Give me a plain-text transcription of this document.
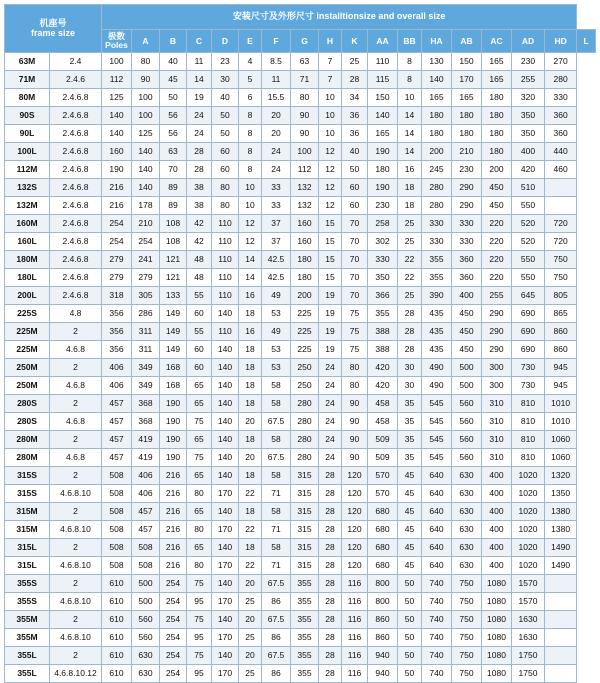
机座号
frame size		安装尺寸及外形尺寸 installtionsize and overall size																	

		极数
Poles	A	B	C	D	E	F	G	H	K	AA	BB	HA	AB	AC	AD	HD	L
63M	2.4	100	80	40	11	23	4	8.5	63	7	25	110	8	130	150	165	230	270	
71M	2.4.6	112	90	45	14	30	5	11	71	7	28	115	8	140	170	165	255	280	
80M	2.4.6.8	125	100	50	19	40	6	15.5	80	10	34	150	10	165	165	180	320	330	
90S	2.4.6.8	140	100	56	24	50	8	20	90	10	36	140	14	180	180	180	350	360	
90L	2.4.6.8	140	125	56	24	50	8	20	90	10	36	165	14	180	180	180	350	360	
100L	2.4.6.8	160	140	63	28	60	8	24	100	12	40	190	14	200	210	180	400	440	
112M	2.4.6.8	190	140	70	28	60	8	24	112	12	50	180	16	245	230	200	420	460	
132S	2.4.6.8	216	140	89	38	80	10	33	132	12	60	190	18	280	290	450	510		
132M	2.4.6.8	216	178	89	38	80	10	33	132	12	60	230	18	280	290	450	550		
160M	2.4.6.8	254	210	108	42	110	12	37	160	15	70	258	25	330	330	220	520	720	
160L	2.4.6.8	254	254	108	42	110	12	37	160	15	70	302	25	330	330	220	520	720	
180M	2.4.6.8	279	241	121	48	110	14	42.5	180	15	70	330	22	355	360	220	550	750	
180L	2.4.6.8	279	279	121	48	110	14	42.5	180	15	70	350	22	355	360	220	550	750	
200L	2.4.6.8	318	305	133	55	110	16	49	200	19	70	366	25	390	400	255	645	805	
225S	4.8	356	286	149	60	140	18	53	225	19	75	355	28	435	450	290	690	865	
225M	2	356	311	149	55	110	16	49	225	19	75	388	28	435	450	290	690	860	
225M	4.6.8	356	311	149	60	140	18	53	225	19	75	388	28	435	450	290	690	860	
250M	2	406	349	168	60	140	18	53	250	24	80	420	30	490	500	300	730	945	
250M	4.6.8	406	349	168	65	140	18	58	250	24	80	420	30	490	500	300	730	945	
280S	2	457	368	190	65	140	18	58	280	24	90	458	35	545	560	310	810	1010	
280S	4.6.8	457	368	190	75	140	20	67.5	280	24	90	458	35	545	560	310	810	1010	
280M	2	457	419	190	65	140	18	58	280	24	90	509	35	545	560	310	810	1060	
280M	4.6.8	457	419	190	75	140	20	67.5	280	24	90	509	35	545	560	310	810	1060	
315S	2	508	406	216	65	140	18	58	315	28	120	570	45	640	630	400	1020	1320	
315S	4.6.8.10	508	406	216	80	170	22	71	315	28	120	570	45	640	630	400	1020	1350	
315M	2	508	457	216	65	140	18	58	315	28	120	680	45	640	630	400	1020	1380	
315M	4.6.8.10	508	457	216	80	170	22	71	315	28	120	680	45	640	630	400	1020	1380	
315L	2	508	508	216	65	140	18	58	315	28	120	680	45	640	630	400	1020	1490	
315L	4.6.8.10	508	508	216	80	170	22	71	315	28	120	680	45	640	630	400	1020	1490	
355S	2	610	500	254	75	140	20	67.5	355	28	116	800	50	740	750	1080	1570		
355S	4.6.8.10	610	500	254	95	170	25	86	355	28	116	800	50	740	750	1080	1570		
355M	2	610	560	254	75	140	20	67.5	355	28	116	860	50	740	750	1080	1630		
355M	4.6.8.10	610	560	254	95	170	25	86	355	28	116	860	50	740	750	1080	1630		
355L	2	610	630	254	75	140	20	67.5	355	28	116	940	50	740	750	1080	1750		
355L	4.6.8.10.12	610	630	254	95	170	25	86	355	28	116	940	50	740	750	1080	1750		
